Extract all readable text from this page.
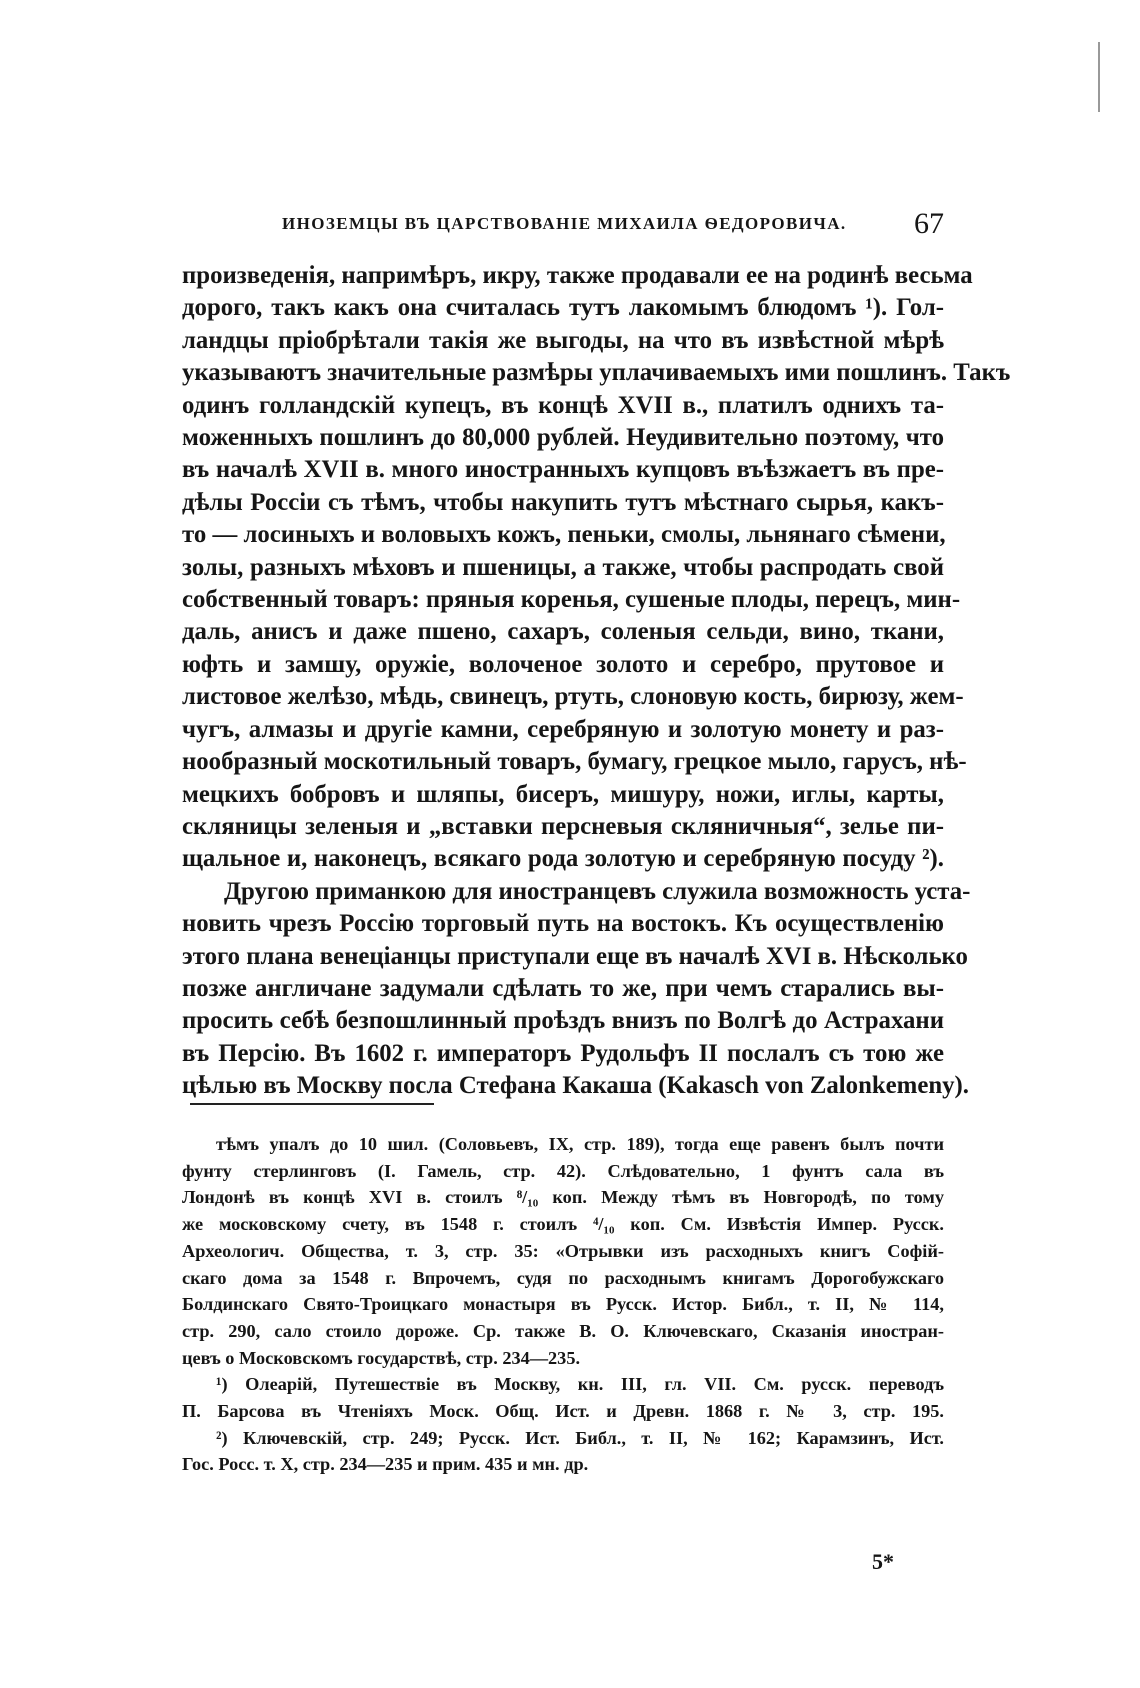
ИНОЗЕМЦЫ ВЪ ЦАРСТВОВАНІЕ МИХАИЛА ѲЕДОРОВИЧА. 67
произведенія, напримѣръ, икру, также продавали ее на родинѣ весьма
дорого, такъ какъ она считалась тутъ лакомымъ блюдомъ ¹). Гол-
ландцы пріобрѣтали такія же выгоды, на что въ извѣстной мѣрѣ
указываютъ значительные размѣры уплачиваемыхъ ими пошлинъ. Такъ
одинъ голландскій купецъ, въ концѣ XVII в., платилъ однихъ та-
моженныхъ пошлинъ до 80,000 рублей. Неудивительно поэтому, что
въ началѣ XVII в. много иностранныхъ купцовъ въѣзжаетъ въ пре-
дѣлы Россіи съ тѣмъ, чтобы накупить тутъ мѣстнаго сырья, какъ-
то — лосиныхъ и воловыхъ кожъ, пеньки, смолы, льнянаго сѣмени,
золы, разныхъ мѣховъ и пшеницы, а также, чтобы распродать свой
собственный товаръ: пряныя коренья, сушеные плоды, перецъ, мин-
даль, анисъ и даже пшено, сахаръ, соленыя сельди, вино, ткани,
юфть и замшу, оружіе, волоченое золото и серебро, прутовое и
листовое желѣзо, мѣдь, свинецъ, ртуть, слоновую кость, бирюзу, жем-
чугъ, алмазы и другіе камни, серебряную и золотую монету и раз-
нообразный москотильный товаръ, бумагу, грецкое мыло, гарусъ, нѣ-
мецкихъ бобровъ и шляпы, бисеръ, мишуру, ножи, иглы, карты,
скляницы зеленыя и „вставки персневыя скляничныя“, зелье пи-
щальное и, наконецъ, всякаго рода золотую и серебряную посуду ²).
Другою приманкою для иностранцевъ служила возможность уста-
новить чрезъ Россію торговый путь на востокъ. Къ осуществленію
этого плана венеціанцы приступали еще въ началѣ XVI в. Нѣсколько
позже англичане задумали сдѣлать то же, при чемъ старались вы-
просить себѣ безпошлинный проѣздъ внизъ по Волгѣ до Астрахани
въ Персію. Въ 1602 г. императоръ Рудольфъ II послалъ съ тою же
цѣлью въ Москву посла Стефана Какаша (Kakasch von Zalonkemeny).
тѣмъ упалъ до 10 шил. (Соловьевъ, IX, стр. 189), тогда еще равенъ былъ почти
фунту стерлинговъ (I. Гамель, стр. 42). Слѣдовательно, 1 фунтъ сала въ
Лондонѣ въ концѣ XVI в. стоилъ ⁸/₁₀ коп. Между тѣмъ въ Новгородѣ, по тому
же московскому счету, въ 1548 г. стоилъ ⁴/₁₀ коп. См. Извѣстія Импер. Русск.
Археологич. Общества, т. 3, стр. 35: «Отрывки изъ расходныхъ книгъ Софій-
скаго дома за 1548 г. Впрочемъ, судя по расходнымъ книгамъ Дорогобужскаго
Болдинскаго Свято-Троицкаго монастыря въ Русск. Истор. Библ., т. II, № 114,
стр. 290, сало стоило дороже. Ср. также В. О. Ключевскаго, Сказанія иностран-
цевъ о Московскомъ государствѣ, стр. 234—235.
¹) Олеарій, Путешествіе въ Москву, кн. III, гл. VII. См. русск. переводъ
П. Барсова въ Чтеніяхъ Моск. Общ. Ист. и Древн. 1868 г. № 3, стр. 195.
²) Ключевскій, стр. 249; Русск. Ист. Библ., т. II, № 162; Карамзинъ, Ист.
Гос. Росс. т. X, стр. 234—235 и прим. 435 и мн. др.
5*
